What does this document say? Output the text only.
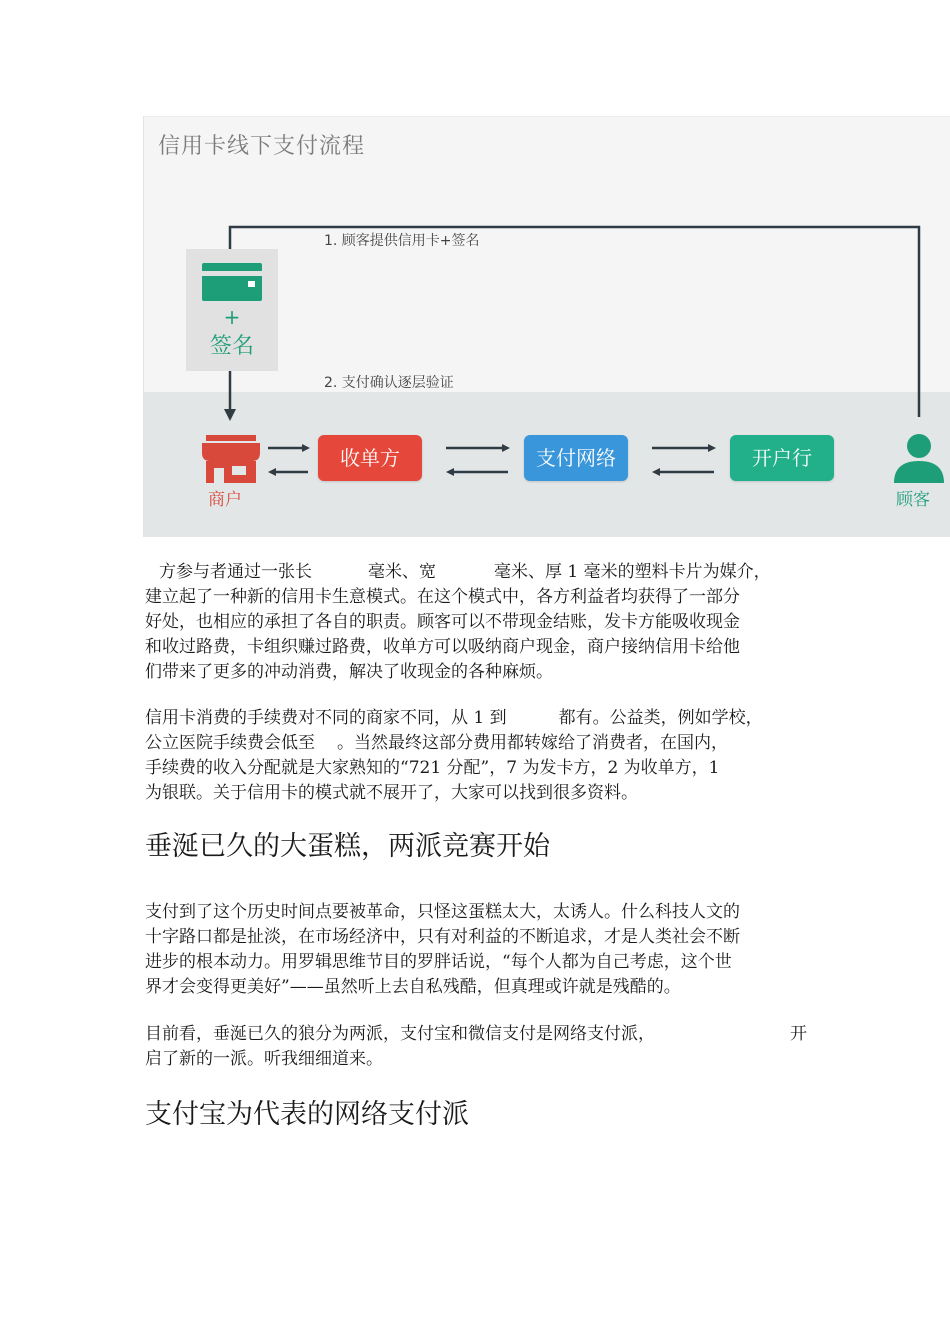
信用卡线下支付流程
1. 顾客提供信用卡+签名
2. 支付确认逐层验证
+
签名
商户
收单方	支付网络	开户行
顾客
方参与者通过一张长	毫米、宽	毫米、厚 1 毫米的塑料卡片为媒介，
建立起了一种新的信用卡生意模式。在这个模式中，各方利益者均获得了一部分
好处，也相应的承担了各自的职责。顾客可以不带现金结账，发卡方能吸收现金
和收过路费，卡组织赚过路费，收单方可以吸纳商户现金，商户接纳信用卡给他
们带来了更多的冲动消费，解决了收现金的各种麻烦。
信用卡消费的手续费对不同的商家不同，从 1 到	都有。公益类，例如学校，
公立医院手续费会低至 。当然最终这部分费用都转嫁给了消费者，在国内，
手续费的收入分配就是大家熟知的“721 分配”，7 为发卡方，2 为收单方，1
为银联。关于信用卡的模式就不展开了，大家可以找到很多资料。
垂涎已久的大蛋糕，两派竞赛开始
支付到了这个历史时间点要被革命，只怪这蛋糕太大，太诱人。什么科技人文的
十字路口都是扯淡，在市场经济中，只有对利益的不断追求，才是人类社会不断
进步的根本动力。用罗辑思维节目的罗胖话说，“每个人都为自己考虑，这个世
界才会变得更美好”——虽然听上去自私残酷，但真理或许就是残酷的。
目前看，垂涎已久的狼分为两派，支付宝和微信支付是网络支付派，	开
启了新的一派。听我细细道来。
支付宝为代表的网络支付派
